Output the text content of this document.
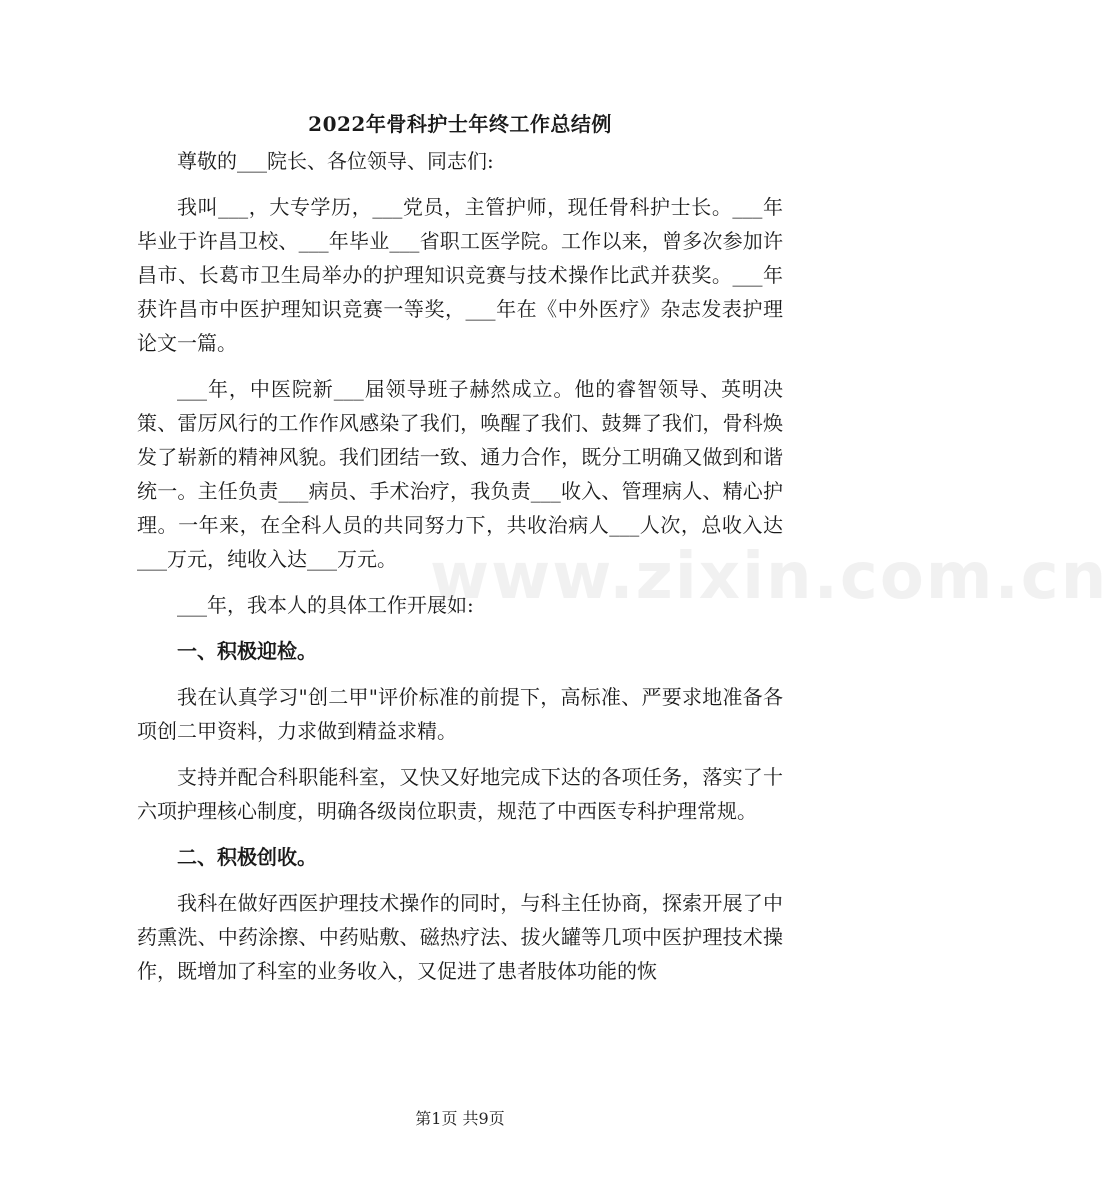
2022年骨科护士年终工作总结例

尊敬的___院长、各位领导、同志们:

我叫___，大专学历，___党员，主管护师，现任骨科护士长。___年毕业于许昌卫校、___年毕业___省职工医学院。工作以来，曾多次参加许昌市、长葛市卫生局举办的护理知识竞赛与技术操作比武并获奖。___年获许昌市中医护理知识竞赛一等奖，___年在《中外医疗》杂志发表护理论文一篇。

___年，中医院新___届领导班子赫然成立。他的睿智领导、英明决策、雷厉风行的工作作风感染了我们，唤醒了我们、鼓舞了我们，骨科焕发了崭新的精神风貌。我们团结一致、通力合作，既分工明确又做到和谐统一。主任负责___病员、手术治疗，我负责___收入、管理病人、精心护理。一年来，在全科人员的共同努力下，共收治病人___人次，总收入达___万元，纯收入达___万元。

___年，我本人的具体工作开展如:

一、积极迎检。

我在认真学习"创二甲"评价标准的前提下，高标准、严要求地准备各项创二甲资料，力求做到精益求精。

支持并配合科职能科室，又快又好地完成下达的各项任务，落实了十六项护理核心制度，明确各级岗位职责，规范了中西医专科护理常规。

二、积极创收。

我科在做好西医护理技术操作的同时，与科主任协商，探索开展了中药熏洗、中药涂擦、中药贴敷、磁热疗法、拔火罐等几项中医护理技术操作，既增加了科室的业务收入，又促进了患者肢体功能的恢

www.zixin.com.cn
第1页 共9页
